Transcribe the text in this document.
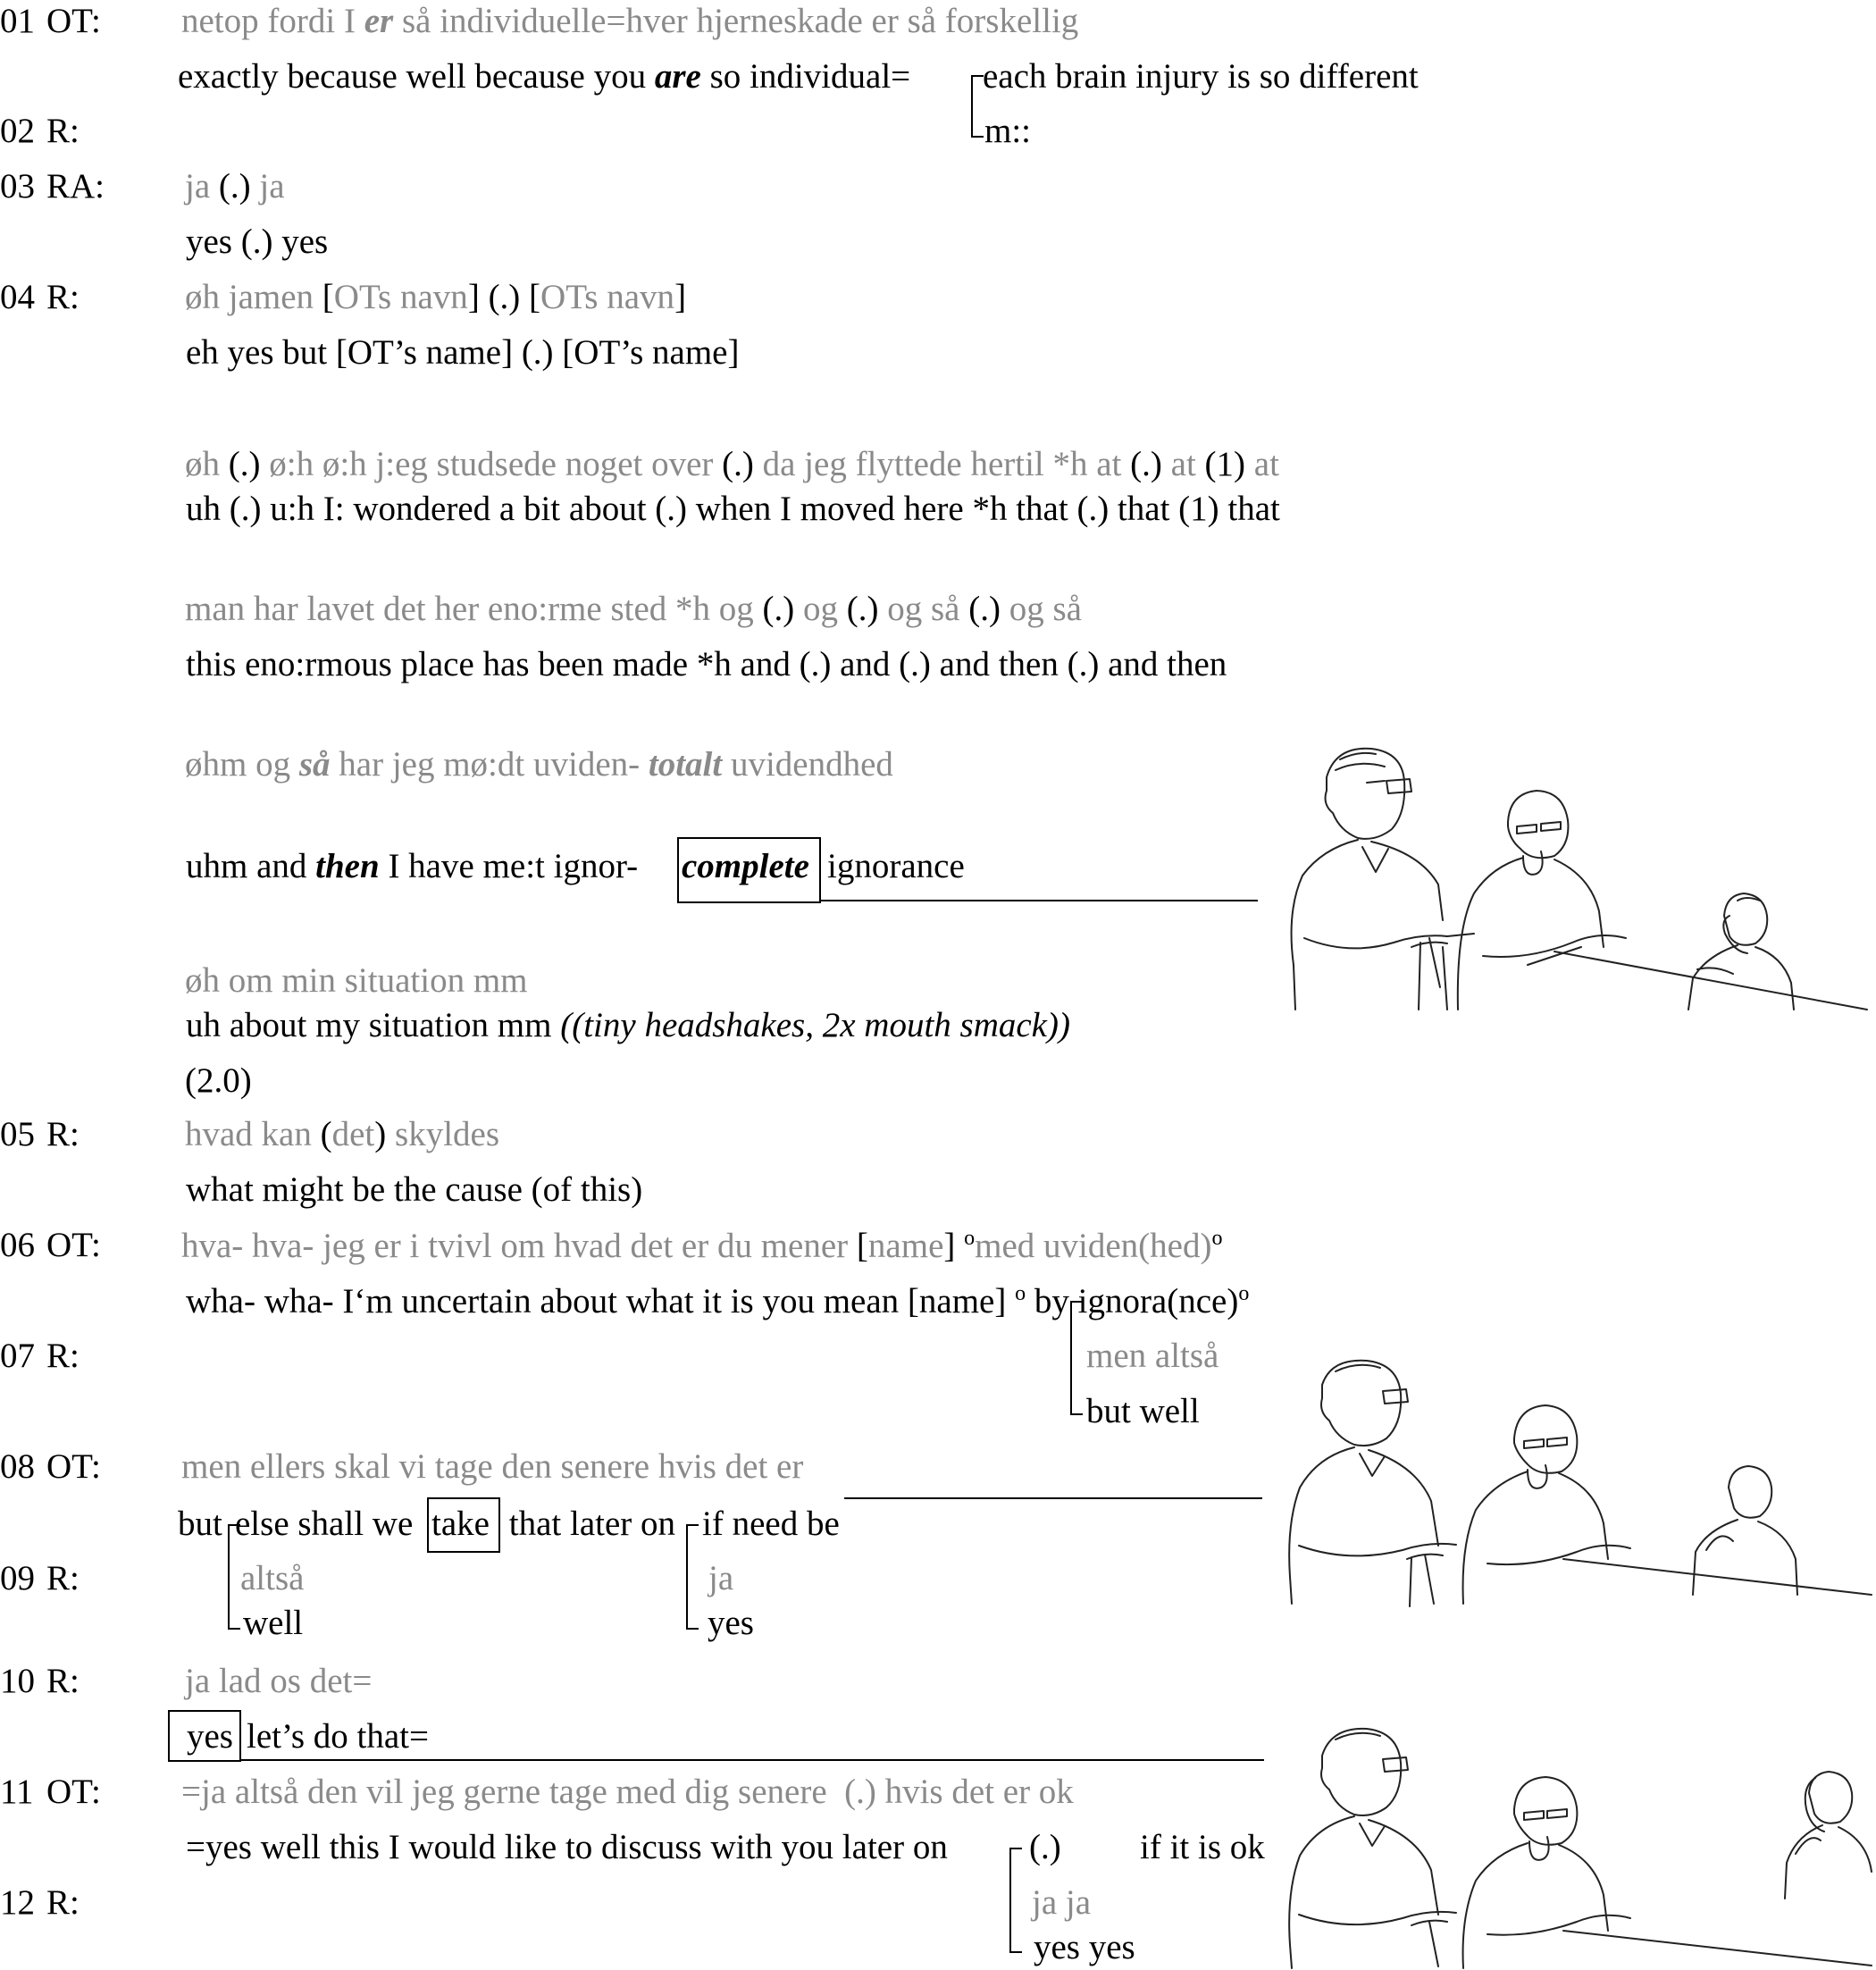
01 OT:
02 R:
03 RA:
04 R:
05 R:
06 OT:
07 R:
08 OT:
09 R:
10 R:
11 OT:
12 R:
netop fordi I er så individuelle=hver hjerneskade er så forskellig
exactly because well because you are so individual= each brain injury is so different
m::
ja (.) ja
yes (.) yes
øh jamen [OTs navn] (.) [OTs navn]
eh yes but [OT’s name] (.) [OT’s name]
øh (.) ø:h ø:h j:eg studsede noget over (.) da jeg flyttede hertil *h at (.) at (1) at
uh (.) u:h I: wondered a bit about (.) when I moved here *h that (.) that (1) that
man har lavet det her eno:rme sted *h og (.) og (.) og så (.) og så
this eno:rmous place has been made *h and (.) and (.) and then (.) and then
øhm og så har jeg mø:dt uviden- totalt uvidendhed
uhm and then I have me:t ignor- complete ignorance
øh om min situation mm
uh about my situation mm ((tiny headshakes, 2x mouth smack))
(2.0)
hvad kan (det) skyldes
what might be the cause (of this)
hva- hva- jeg er i tvivl om hvad det er du mener [name] $^o$med uviden(hed)$^o$
wha- wha- I‘m uncertain about what it is you mean [name] $^o$ by ignora(nce)$^o$
men altså
but well
men ellers skal vi tage den senere hvis det er
but else shall we take that later on if need be
altså	ja
well	yes
ja lad os det=
yes let’s do that=
=ja altså den vil jeg gerne tage med dig senere  (.) hvis det er ok
=yes well this I would like to discuss with you later on (.) if it is ok
ja ja
yes yes
